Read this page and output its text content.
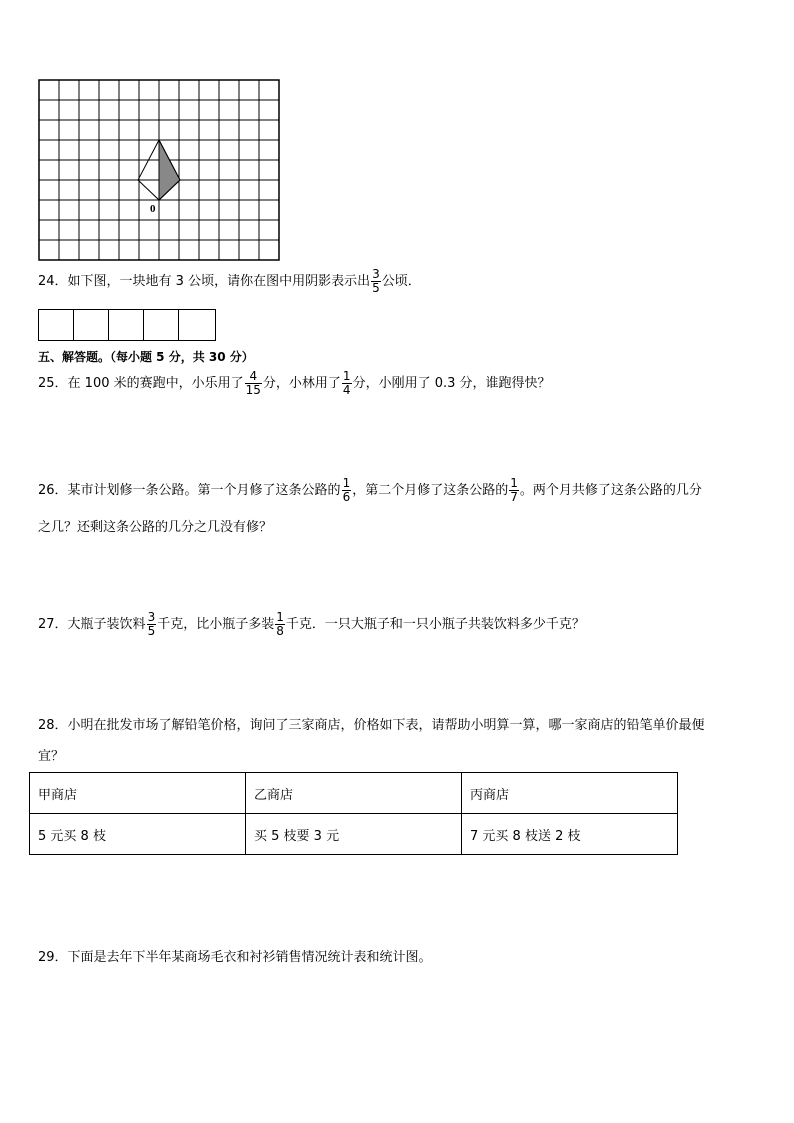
0
24．如下图，一块地有 3 公顷，请你在图中用阴影表示出 $\frac{3}{5}$ 公顷．
五、解答题。（每小题 5 分，共 30 分）
25．在 100 米的赛跑中，小乐用了 $\frac{4}{15}$ 分，小林用了 $\frac{1}{4}$ 分，小刚用了 0.3 分，谁跑得快？
26．某市计划修一条公路。第一个月修了这条公路的 $\frac{1}{6}$ ，第二个月修了这条公路的 $\frac{1}{7}$ 。两个月共修了这条公路的几分
之几？还剩这条公路的几分之几没有修？
27．大瓶子装饮料 $\frac{3}{5}$ 千克，比小瓶子多装 $\frac{1}{8}$ 千克．一只大瓶子和一只小瓶子共装饮料多少千克？
28．小明在批发市场了解铅笔价格，询问了三家商店，价格如下表，请帮助小明算一算，哪一家商店的铅笔单价最便
宜？
甲商店	乙商店	丙商店
5 元买 8 枝	买 5 枝要 3 元	7 元买 8 枝送 2 枝
29．下面是去年下半年某商场毛衣和衬衫销售情况统计表和统计图。
